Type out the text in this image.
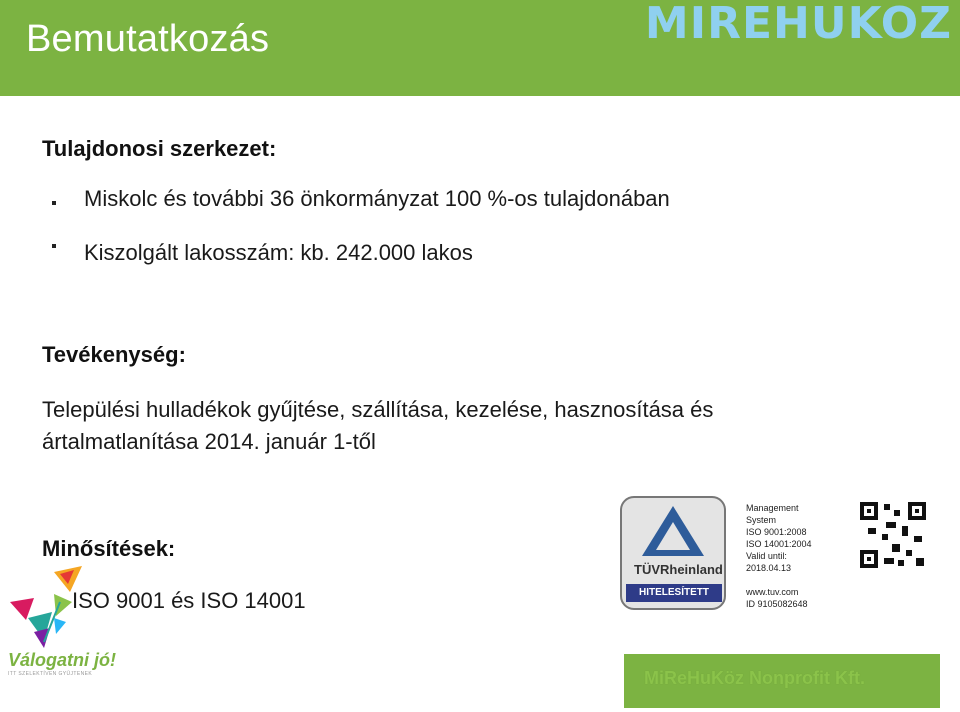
Bemutatkozás	MIREHUKOZ
Tulajdonosi szerkezet:
Miskolc és további 36 önkormányzat 100 %-os tulajdonában
Kiszolgált lakosszám: kb. 242.000 lakos
Tevékenység:
Települési hulladékok gyűjtése, szállítása, kezelése, hasznosítása és
ártalmatlanítása 2014. január 1-től
Minősítések:
ISO 9001 és ISO 14001
TÜVRheinland
HITELESÍTETT
Management
System
ISO 9001:2008
ISO 14001:2004
Valid until:
2018.04.13
www.tuv.com
ID 9105082648
Válogatni jó!
ITT SZELEKTÍVEN GYŰJTENEK	MiReHuKöz Nonprofit Kft.
